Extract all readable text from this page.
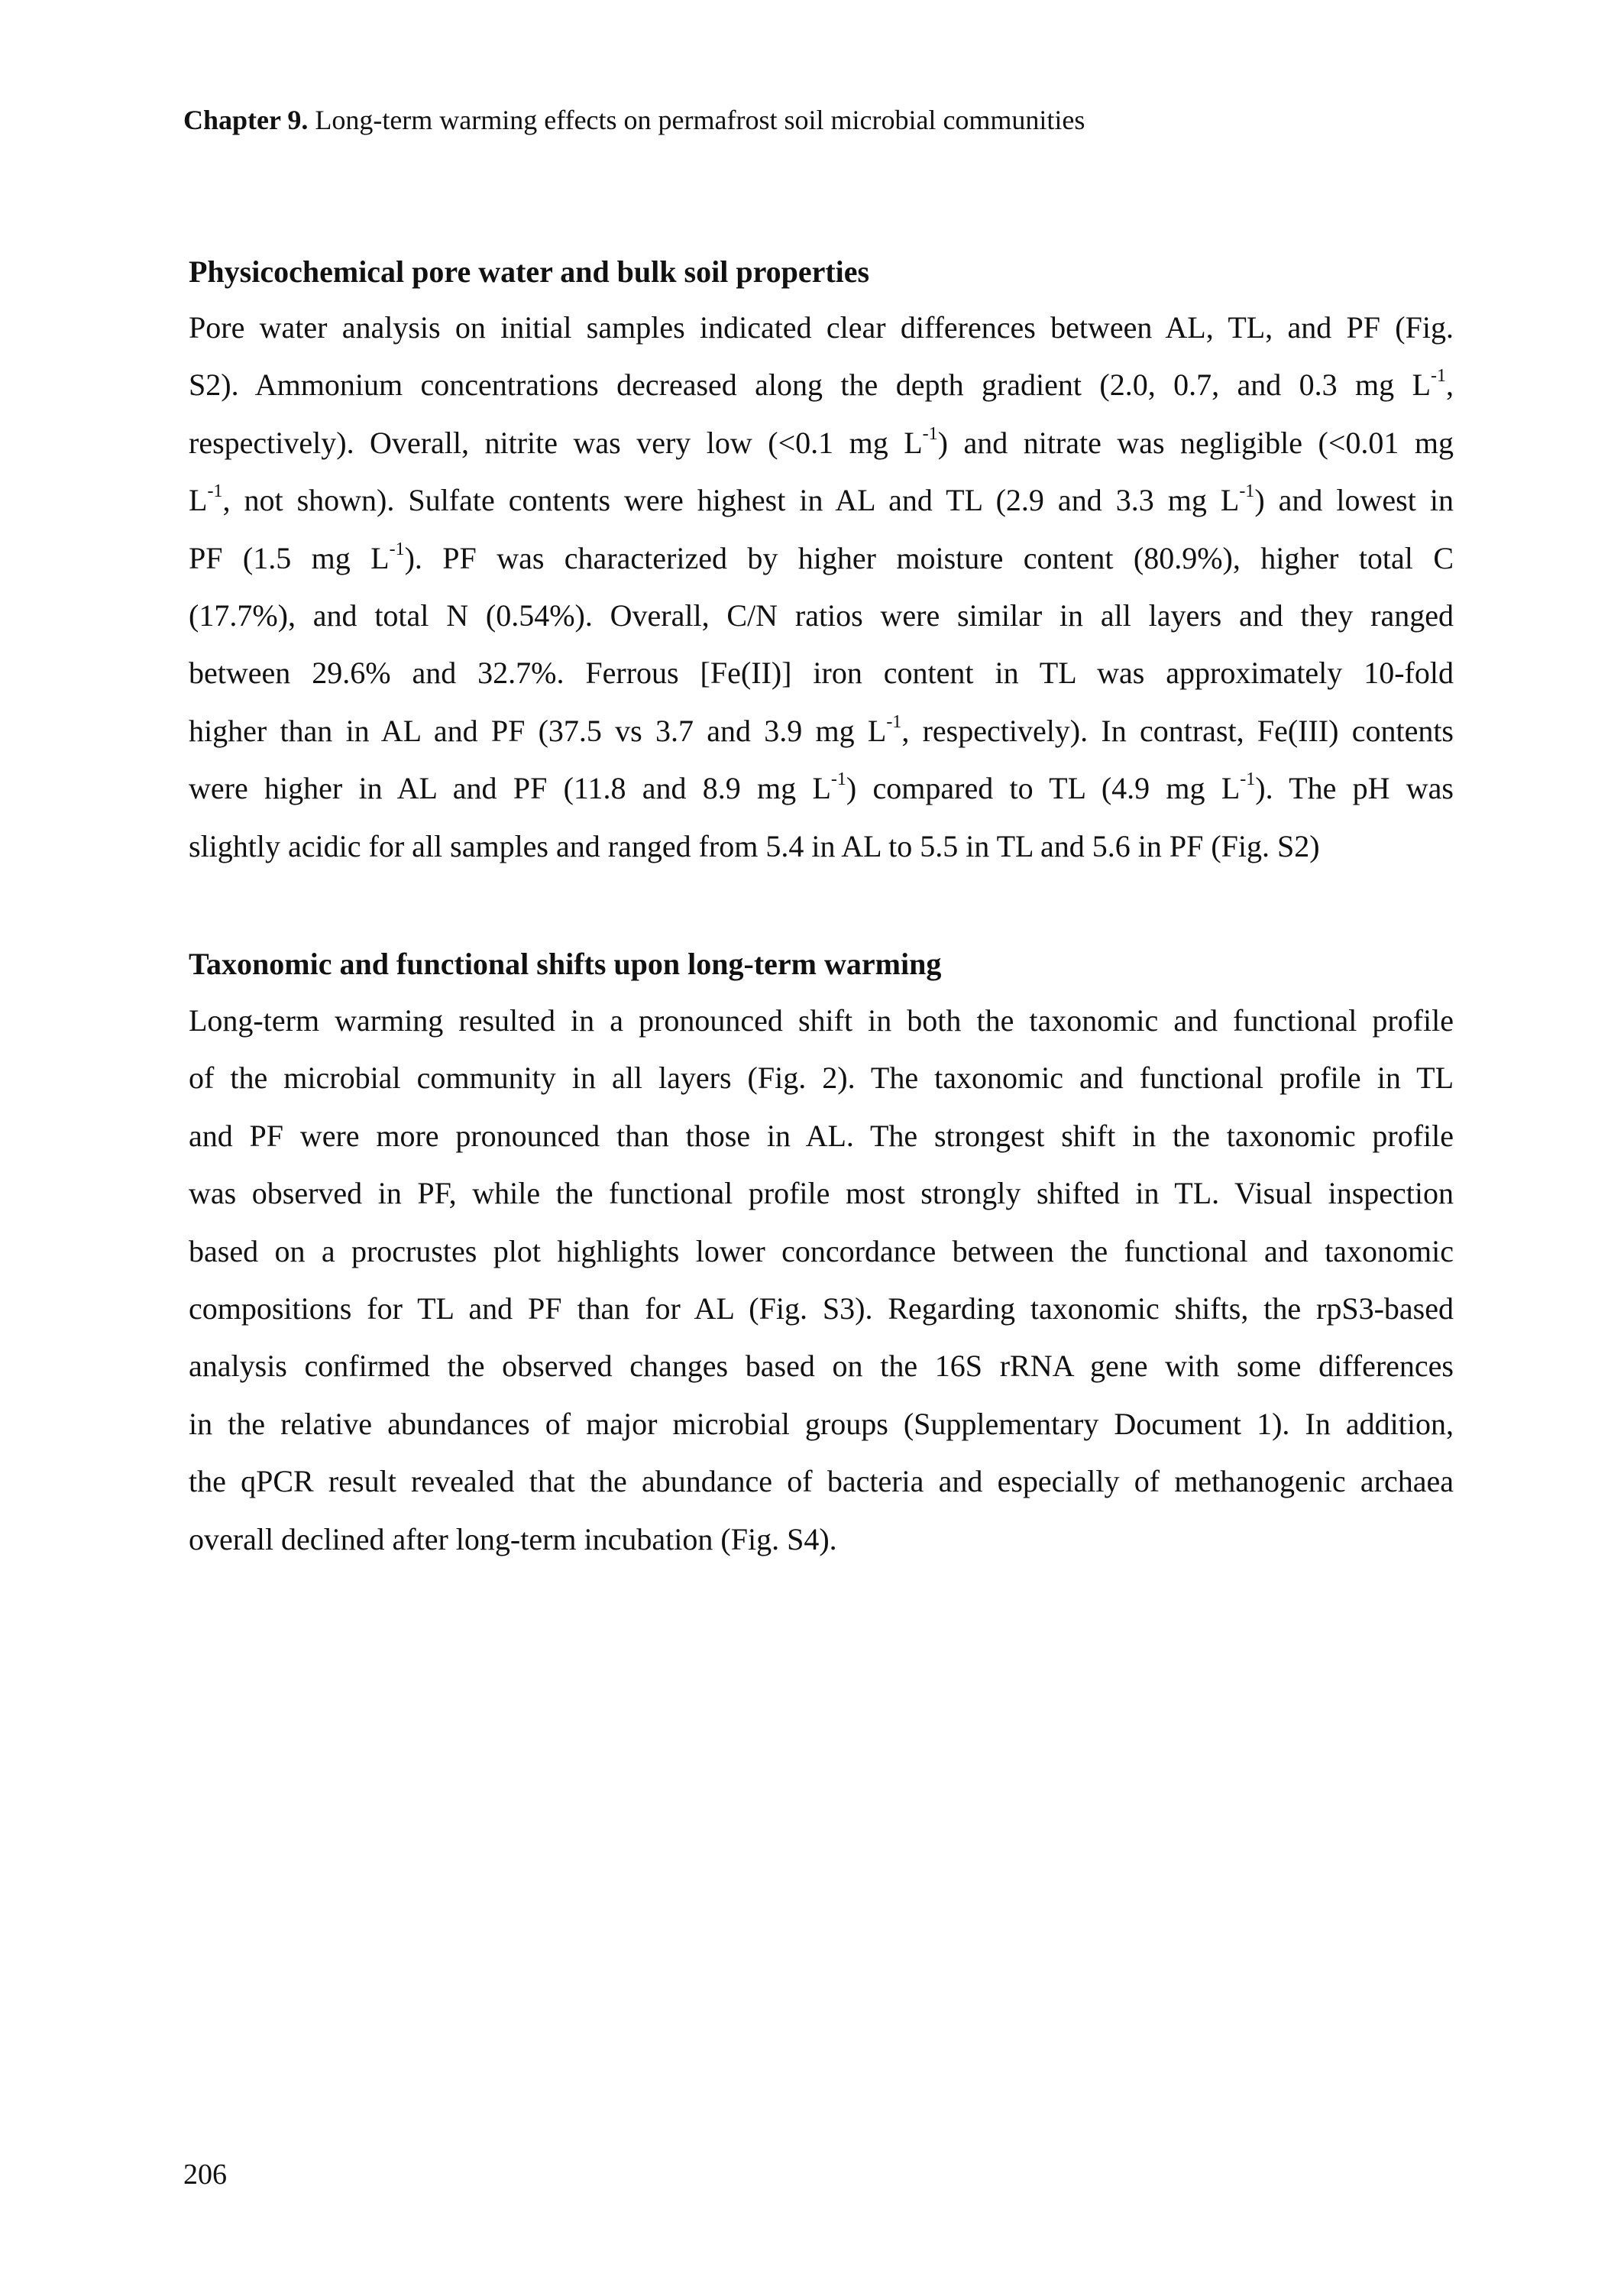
Chapter 9. Long-term warming effects on permafrost soil microbial communities
Physicochemical pore water and bulk soil properties
Pore water analysis on initial samples indicated clear differences between AL, TL, and PF (Fig.
S2). Ammonium concentrations decreased along the depth gradient (2.0, 0.7, and 0.3 mg $L^{-1}$,
respectively). Overall, nitrite was very low (<0.1 mg $L^{-1}$) and nitrate was negligible (<0.01 mg
$L^{-1}$, not shown). Sulfate contents were highest in AL and TL (2.9 and 3.3 mg $L^{-1}$) and lowest in
PF (1.5 mg $L^{-1}$). PF was characterized by higher moisture content (80.9%), higher total C
(17.7%), and total N (0.54%). Overall, C/N ratios were similar in all layers and they ranged
between 29.6% and 32.7%. Ferrous [Fe(II)] iron content in TL was approximately 10-fold
higher than in AL and PF (37.5 vs 3.7 and 3.9 mg $L^{-1}$, respectively). In contrast, Fe(III) contents
were higher in AL and PF (11.8 and 8.9 mg $L^{-1}$) compared to TL (4.9 mg $L^{-1}$). The pH was
slightly acidic for all samples and ranged from 5.4 in AL to 5.5 in TL and 5.6 in PF (Fig. S2)
Taxonomic and functional shifts upon long-term warming
Long-term warming resulted in a pronounced shift in both the taxonomic and functional profile
of the microbial community in all layers (Fig. 2). The taxonomic and functional profile in TL
and PF were more pronounced than those in AL. The strongest shift in the taxonomic profile
was observed in PF, while the functional profile most strongly shifted in TL. Visual inspection
based on a procrustes plot highlights lower concordance between the functional and taxonomic
compositions for TL and PF than for AL (Fig. S3). Regarding taxonomic shifts, the rpS3-based
analysis confirmed the observed changes based on the 16S rRNA gene with some differences
in the relative abundances of major microbial groups (Supplementary Document 1). In addition,
the qPCR result revealed that the abundance of bacteria and especially of methanogenic archaea
overall declined after long-term incubation (Fig. S4).
206
